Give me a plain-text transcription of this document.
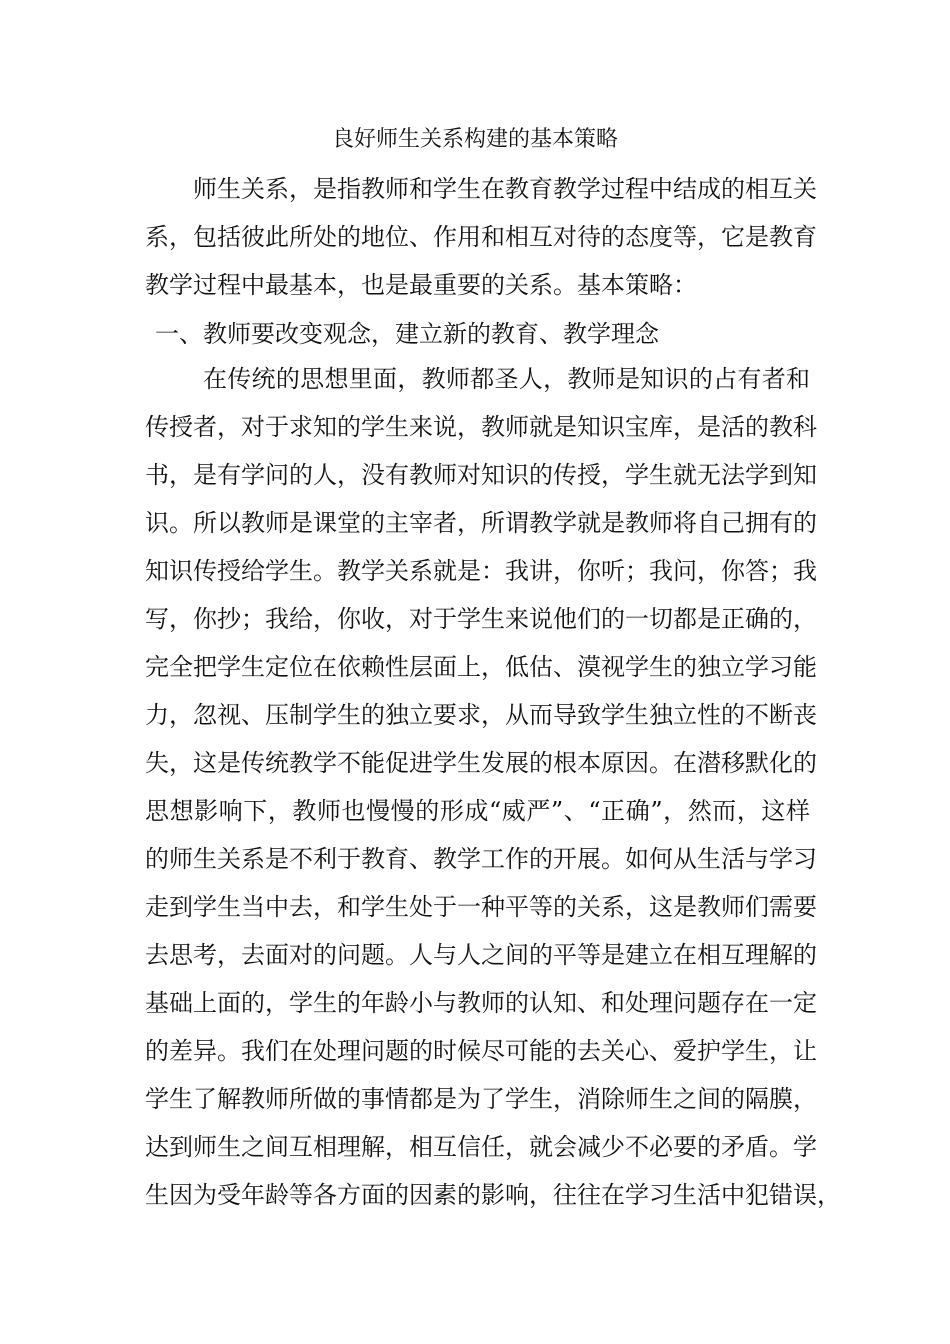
良好师生关系构建的基本策略
师生关系，是指教师和学生在教育教学过程中结成的相互关
系，包括彼此所处的地位、作用和相互对待的态度等，它是教育
教学过程中最基本，也是最重要的关系。基本策略：
一、教师要改变观念，建立新的教育、教学理念
在传统的思想里面，教师都圣人，教师是知识的占有者和
传授者，对于求知的学生来说，教师就是知识宝库，是活的教科
书，是有学问的人，没有教师对知识的传授，学生就无法学到知
识。所以教师是课堂的主宰者，所谓教学就是教师将自己拥有的
知识传授给学生。教学关系就是：我讲，你听；我问，你答；我
写，你抄；我给，你收，对于学生来说他们的一切都是正确的，
完全把学生定位在依赖性层面上，低估、漠视学生的独立学习能
力，忽视、压制学生的独立要求，从而导致学生独立性的不断丧
失，这是传统教学不能促进学生发展的根本原因。在潜移默化的
思想影响下，教师也慢慢的形成“威严”、“正确”，然而，这样
的师生关系是不利于教育、教学工作的开展。如何从生活与学习
走到学生当中去，和学生处于一种平等的关系，这是教师们需要
去思考，去面对的问题。人与人之间的平等是建立在相互理解的
基础上面的，学生的年龄小与教师的认知、和处理问题存在一定
的差异。我们在处理问题的时候尽可能的去关心、爱护学生，让
学生了解教师所做的事情都是为了学生，消除师生之间的隔膜，
达到师生之间互相理解，相互信任，就会减少不必要的矛盾。学
生因为受年龄等各方面的因素的影响，往往在学习生活中犯错误，
